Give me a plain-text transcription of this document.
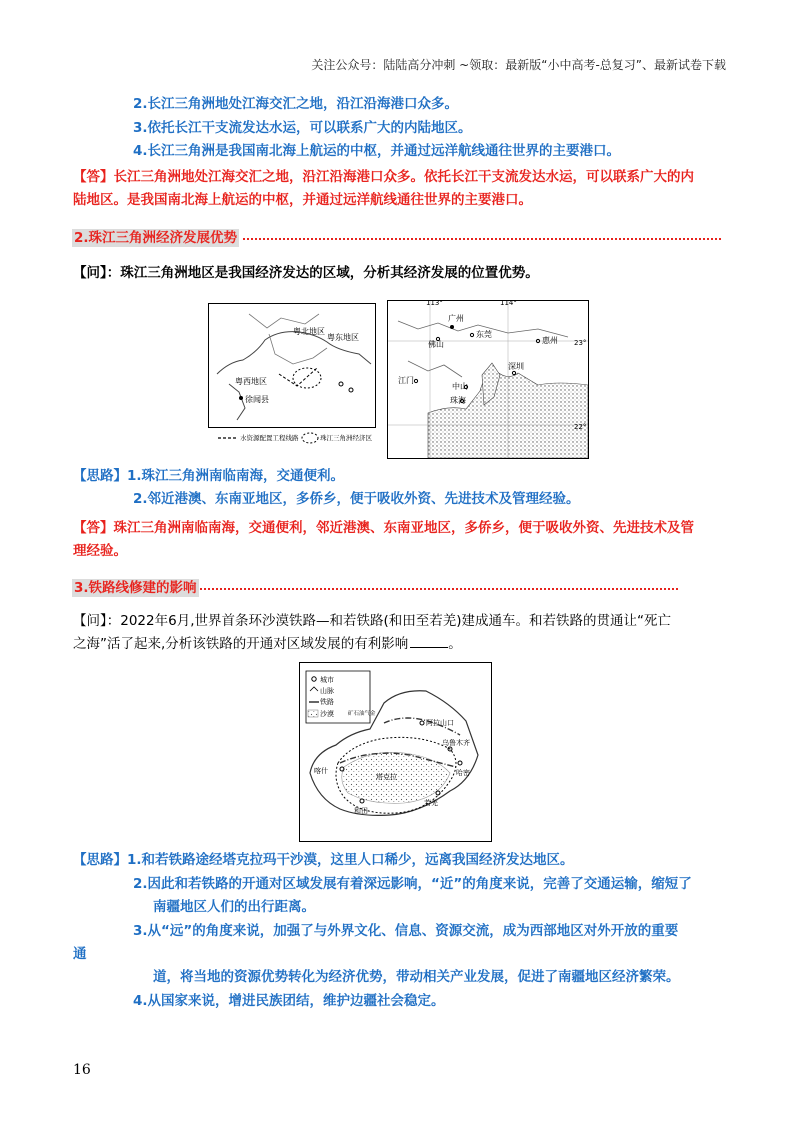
关注公众号：陆陆高分冲刺 ~领取：最新版“小中高考-总复习”、最新试卷下载
2.长江三角洲地处江海交汇之地，沿江沿海港口众多。
3.依托长江干支流发达水运，可以联系广大的内陆地区。
4.长江三角洲是我国南北海上航运的中枢，并通过远洋航线通往世界的主要港口。
【答】长江三角洲地处江海交汇之地，沿江沿海港口众多。依托长江干支流发达水运，可以联系广大的内
陆地区。是我国南北海上航运的中枢，并通过远洋航线通往世界的主要港口。
2.珠江三角洲经济发展优势
【问】：珠江三角洲地区是我国经济发达的区域，分析其经济发展的位置优势。
粤北地区
粤东地区
粤西地区
徐闻县
水资源配置工程线路	珠江三角洲经济区
113°	114°
23°
22°
广州
东莞
惠州
佛山
深圳
江门
中山
珠海
【思路】1.珠江三角洲南临南海，交通便利。
2.邻近港澳、东南亚地区，多侨乡，便于吸收外资、先进技术及管理经验。
【答】珠江三角洲南临南海，交通便利，邻近港澳、东南亚地区，多侨乡，便于吸收外资、先进技术及管
理经验。
3.铁路线修建的影响
【问】：2022年6月,世界首条环沙漠铁路—和若铁路(和田至若羌)建成通车。和若铁路的贯通让“死亡
之海”活了起来,分析该铁路的开通对区域发展的有利影响	。
城市
山脉
铁路
沙漠	矿石油气金
阿拉山口
乌鲁木齐
哈密
喀什
若羌
和田
塔克拉
【思路】1.和若铁路途经塔克拉玛干沙漠，这里人口稀少，远离我国经济发达地区。
2.因此和若铁路的开通对区域发展有着深远影响，“近”的角度来说，完善了交通运输，缩短了
南疆地区人们的出行距离。
3.从“远”的角度来说，加强了与外界文化、信息、资源交流，成为西部地区对外开放的重要
通
道，将当地的资源优势转化为经济优势，带动相关产业发展，促进了南疆地区经济繁荣。
4.从国家来说，增进民族团结，维护边疆社会稳定。
16
